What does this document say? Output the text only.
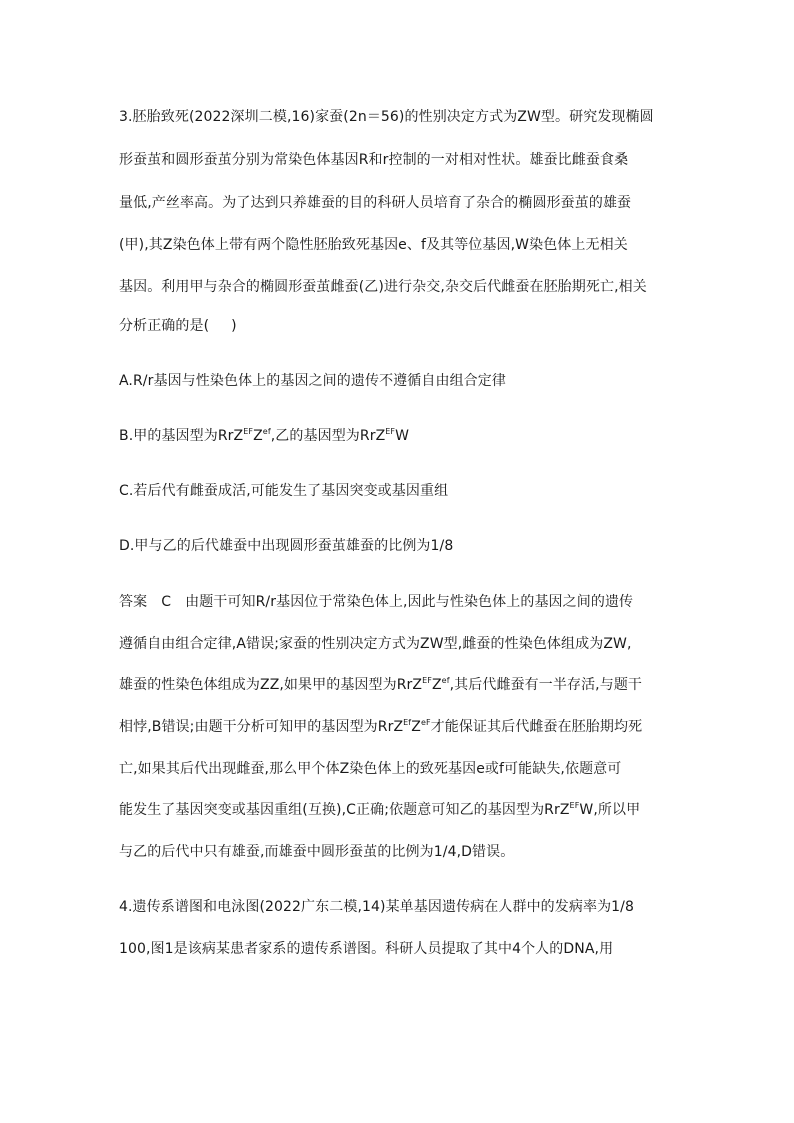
3.胚胎致死(2022深圳二模,16)家蚕(2n＝56)的性别决定方式为ZW型。研究发现椭圆
形蚕茧和圆形蚕茧分别为常染色体基因R和r控制的一对相对性状。雄蚕比雌蚕食桑
量低,产丝率高。为了达到只养雄蚕的目的科研人员培育了杂合的椭圆形蚕茧的雄蚕
(甲),其Z染色体上带有两个隐性胚胎致死基因e、f及其等位基因,W染色体上无相关
基因。利用甲与杂合的椭圆形蚕茧雌蚕(乙)进行杂交,杂交后代雌蚕在胚胎期死亡,相关
分析正确的是( )
A.R/r基因与性染色体上的基因之间的遗传不遵循自由组合定律
B.甲的基因型为$RrZ^{EF}Z^{ef}$,乙的基因型为RrZ$^{EF}$W
C.若后代有雌蚕成活,可能发生了基因突变或基因重组
D.甲与乙的后代雄蚕中出现圆形蚕茧雄蚕的比例为1/8
答案 C 由题干可知R/r基因位于常染色体上,因此与性染色体上的基因之间的遗传
遵循自由组合定律,A错误;家蚕的性别决定方式为ZW型,雌蚕的性染色体组成为ZW,
雄蚕的性染色体组成为ZZ,如果甲的基因型为$RrZ^{EF}Z^{ef}$,其后代雌蚕有一半存活,与题干
相悖,B错误;由题干分析可知甲的基因型为$RrZ^{Ef}Z^{eF}$才能保证其后代雌蚕在胚胎期均死
亡,如果其后代出现雌蚕,那么甲个体Z染色体上的致死基因e或f可能缺失,依题意可
能发生了基因突变或基因重组(互换),C正确;依题意可知乙的基因型为RrZ$^{EF}$W,所以甲
与乙的后代中只有雄蚕,而雄蚕中圆形蚕茧的比例为1/4,D错误。
4.遗传系谱图和电泳图(2022广东二模,14)某单基因遗传病在人群中的发病率为1/8
100,图1是该病某患者家系的遗传系谱图。科研人员提取了其中4个人的DNA,用
